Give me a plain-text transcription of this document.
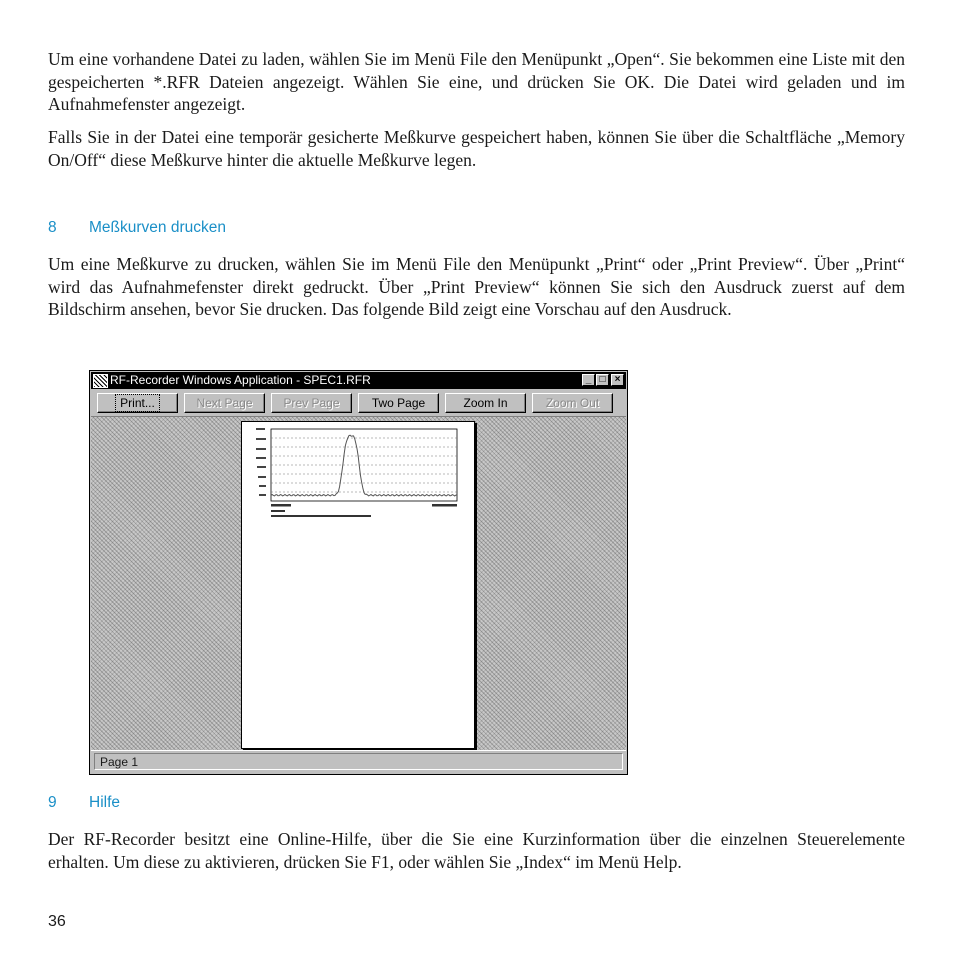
Um eine vorhandene Datei zu laden, wählen Sie im Menü File den Menüpunkt „Open“. Sie bekommen eine Liste mit den gespeicherten *.RFR Dateien angezeigt. Wählen Sie eine, und drücken Sie OK. Die Datei wird geladen und im Aufnahmefenster angezeigt.

Falls Sie in der Datei eine temporär gesicherte Meßkurve gespeichert haben, können Sie über die Schaltfläche „Memory On/Off“ diese Meßkurve hinter die aktuelle Meßkurve legen.

8 Meßkurven drucken

Um eine Meßkurve zu drucken, wählen Sie im Menü File den Menüpunkt „Print“ oder „Print Preview“. Über „Print“ wird das Aufnahmefenster direkt gedruckt. Über „Print Preview“ können Sie sich den Ausdruck zuerst auf dem Bildschirm ansehen, bevor Sie drucken. Das folgende Bild zeigt eine Vorschau auf den Ausdruck.

RF-Recorder Windows Application - SPEC1.RFR	_ □ ×
Print...	Next Page	Prev Page	Two Page	Zoom In	Zoom Out
Page 1
9 Hilfe

Der RF-Recorder besitzt eine Online-Hilfe, über die Sie eine Kurzinformation über die einzelnen Steuerelemente erhalten. Um diese zu aktivieren, drücken Sie F1, oder wählen Sie „Index“ im Menü Help.

36
